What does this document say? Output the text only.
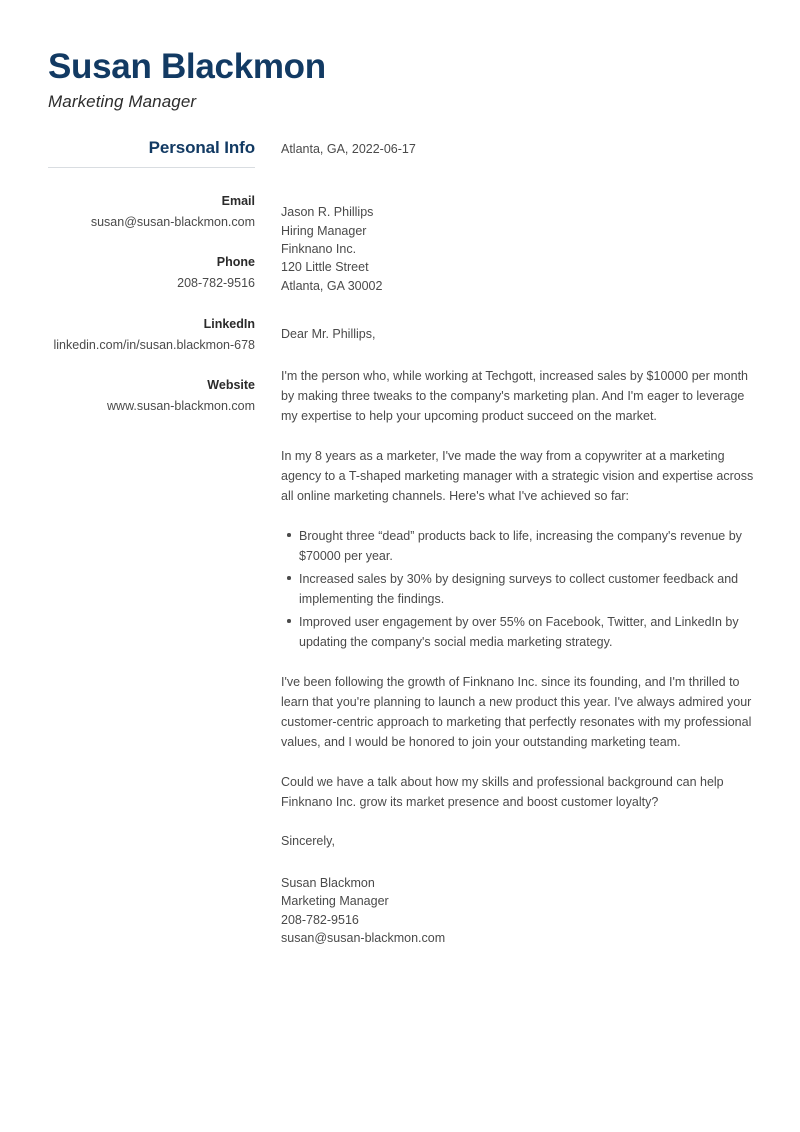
Susan Blackmon
Marketing Manager
Personal Info
Email
susan@susan-blackmon.com
Phone
208-782-9516
LinkedIn
linkedin.com/in/susan.blackmon-678
Website
www.susan-blackmon.com
Atlanta, GA, 2022-06-17
Jason R. Phillips
Hiring Manager
Finknano Inc.
120 Little Street
Atlanta, GA 30002
Dear Mr. Phillips,

I'm the person who, while working at Techgott, increased sales by $10000 per month by making three tweaks to the company's marketing plan. And I'm eager to leverage my expertise to help your upcoming product succeed on the market.

In my 8 years as a marketer, I've made the way from a copywriter at a marketing agency to a T-shaped marketing manager with a strategic vision and expertise across all online marketing channels. Here's what I've achieved so far:

Brought three “dead” products back to life, increasing the company's revenue by $70000 per year.
Increased sales by 30% by designing surveys to collect customer feedback and implementing the findings.
Improved user engagement by over 55% on Facebook, Twitter, and LinkedIn by updating the company's social media marketing strategy.

I've been following the growth of Finknano Inc. since its founding, and I'm thrilled to learn that you're planning to launch a new product this year. I've always admired your customer-centric approach to marketing that perfectly resonates with my professional values, and I would be honored to join your outstanding marketing team.

Could we have a talk about how my skills and professional background can help Finknano Inc. grow its market presence and boost customer loyalty?

Sincerely,
Susan Blackmon
Marketing Manager
208-782-9516
susan@susan-blackmon.com
